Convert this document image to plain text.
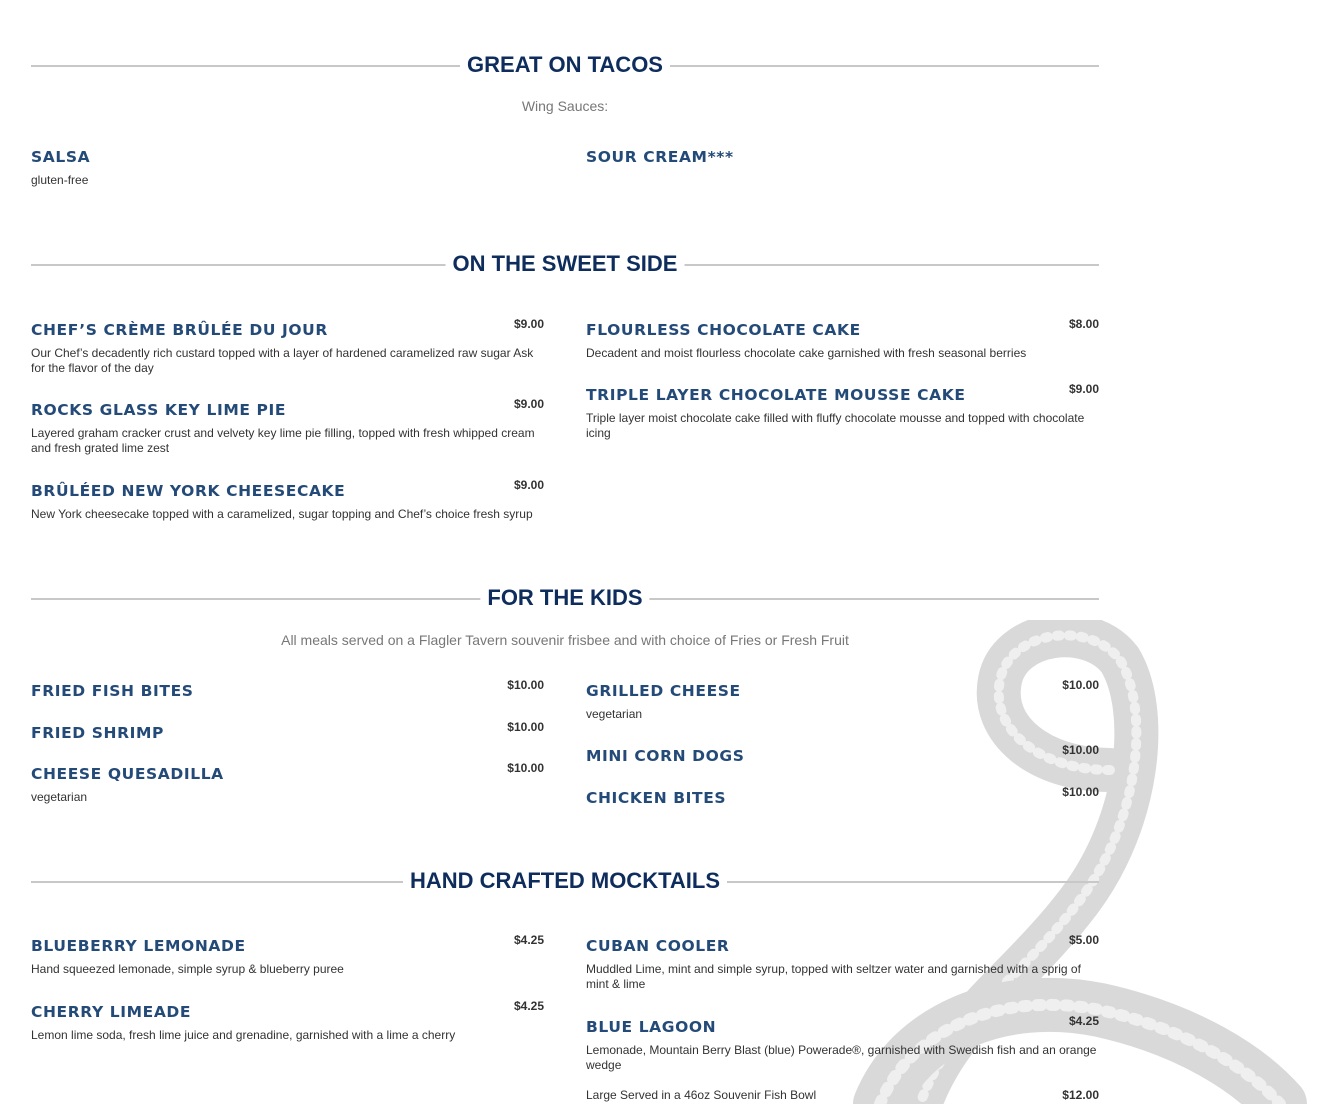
GREAT ON TACOS
Wing Sauces:
SALSA
gluten-free
SOUR CREAM***
ON THE SWEET SIDE
CHEF’S CRÈME BRÛLÉE DU JOUR	$9.00
Our Chef’s decadently rich custard topped with a layer of hardened caramelized raw sugar Ask for the flavor of the day
ROCKS GLASS KEY LIME PIE	$9.00
Layered graham cracker crust and velvety key lime pie filling, topped with fresh whipped cream and fresh grated lime zest
BRÛLÉED NEW YORK CHEESECAKE	$9.00
New York cheesecake topped with a caramelized, sugar topping and Chef’s choice fresh syrup
FLOURLESS CHOCOLATE CAKE	$8.00
Decadent and moist flourless chocolate cake garnished with fresh seasonal berries
TRIPLE LAYER CHOCOLATE MOUSSE CAKE	$9.00
Triple layer moist chocolate cake filled with fluffy chocolate mousse and topped with chocolate icing
FOR THE KIDS
All meals served on a Flagler Tavern souvenir frisbee and with choice of Fries or Fresh Fruit
FRIED FISH BITES	$10.00
FRIED SHRIMP	$10.00
CHEESE QUESADILLA	$10.00
vegetarian
GRILLED CHEESE	$10.00
vegetarian
MINI CORN DOGS	$10.00
CHICKEN BITES	$10.00
HAND CRAFTED MOCKTAILS
BLUEBERRY LEMONADE	$4.25
Hand squeezed lemonade, simple syrup & blueberry puree
CHERRY LIMEADE	$4.25
Lemon lime soda, fresh lime juice and grenadine, garnished with a lime a cherry
CUBAN COOLER	$5.00
Muddled Lime, mint and simple syrup, topped with seltzer water and garnished with a sprig of mint & lime
BLUE LAGOON	$4.25
Lemonade, Mountain Berry Blast (blue) Powerade®, garnished with Swedish fish and an orange wedge
Large Served in a 46oz Souvenir Fish Bowl	$12.00
